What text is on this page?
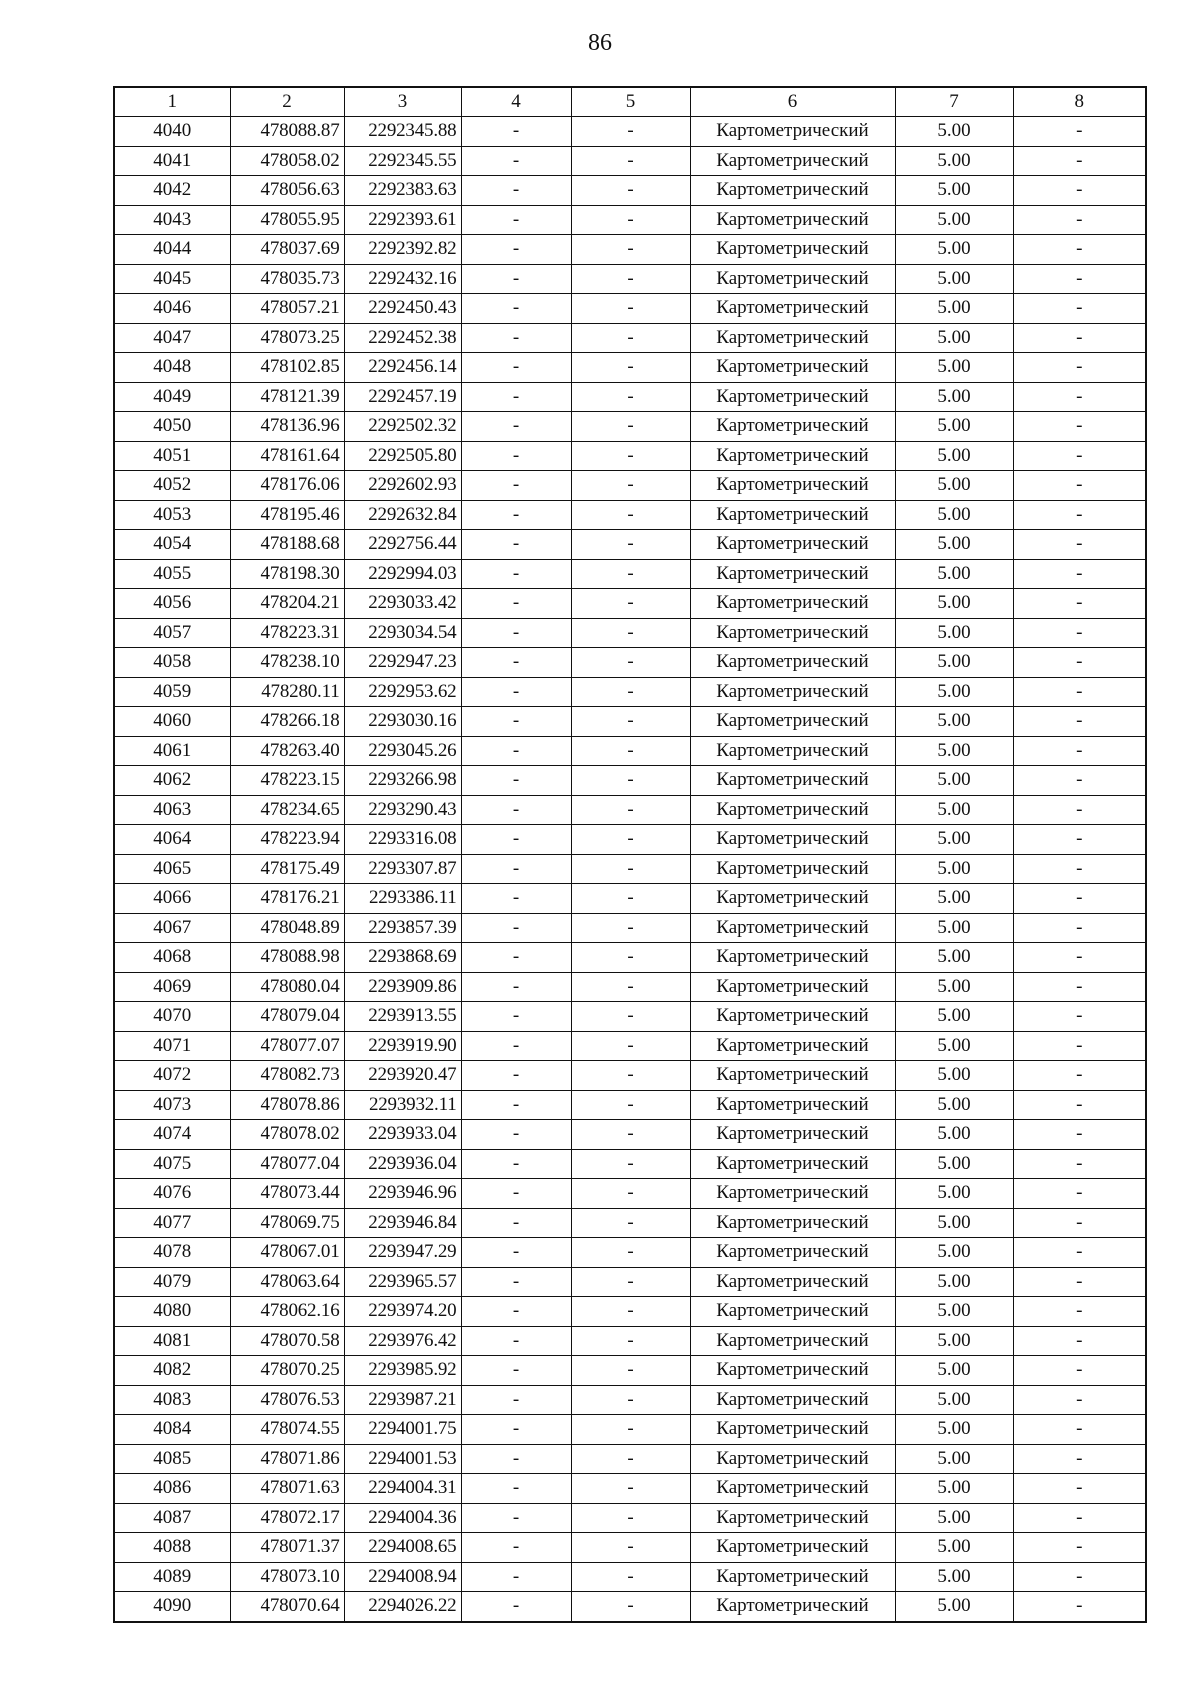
86
1	2	3	4	5	6	7	8
4040	478088.87	2292345.88	-	-	Картометрический	5.00	-
4041	478058.02	2292345.55	-	-	Картометрический	5.00	-
4042	478056.63	2292383.63	-	-	Картометрический	5.00	-
4043	478055.95	2292393.61	-	-	Картометрический	5.00	-
4044	478037.69	2292392.82	-	-	Картометрический	5.00	-
4045	478035.73	2292432.16	-	-	Картометрический	5.00	-
4046	478057.21	2292450.43	-	-	Картометрический	5.00	-
4047	478073.25	2292452.38	-	-	Картометрический	5.00	-
4048	478102.85	2292456.14	-	-	Картометрический	5.00	-
4049	478121.39	2292457.19	-	-	Картометрический	5.00	-
4050	478136.96	2292502.32	-	-	Картометрический	5.00	-
4051	478161.64	2292505.80	-	-	Картометрический	5.00	-
4052	478176.06	2292602.93	-	-	Картометрический	5.00	-
4053	478195.46	2292632.84	-	-	Картометрический	5.00	-
4054	478188.68	2292756.44	-	-	Картометрический	5.00	-
4055	478198.30	2292994.03	-	-	Картометрический	5.00	-
4056	478204.21	2293033.42	-	-	Картометрический	5.00	-
4057	478223.31	2293034.54	-	-	Картометрический	5.00	-
4058	478238.10	2292947.23	-	-	Картометрический	5.00	-
4059	478280.11	2292953.62	-	-	Картометрический	5.00	-
4060	478266.18	2293030.16	-	-	Картометрический	5.00	-
4061	478263.40	2293045.26	-	-	Картометрический	5.00	-
4062	478223.15	2293266.98	-	-	Картометрический	5.00	-
4063	478234.65	2293290.43	-	-	Картометрический	5.00	-
4064	478223.94	2293316.08	-	-	Картометрический	5.00	-
4065	478175.49	2293307.87	-	-	Картометрический	5.00	-
4066	478176.21	2293386.11	-	-	Картометрический	5.00	-
4067	478048.89	2293857.39	-	-	Картометрический	5.00	-
4068	478088.98	2293868.69	-	-	Картометрический	5.00	-
4069	478080.04	2293909.86	-	-	Картометрический	5.00	-
4070	478079.04	2293913.55	-	-	Картометрический	5.00	-
4071	478077.07	2293919.90	-	-	Картометрический	5.00	-
4072	478082.73	2293920.47	-	-	Картометрический	5.00	-
4073	478078.86	2293932.11	-	-	Картометрический	5.00	-
4074	478078.02	2293933.04	-	-	Картометрический	5.00	-
4075	478077.04	2293936.04	-	-	Картометрический	5.00	-
4076	478073.44	2293946.96	-	-	Картометрический	5.00	-
4077	478069.75	2293946.84	-	-	Картометрический	5.00	-
4078	478067.01	2293947.29	-	-	Картометрический	5.00	-
4079	478063.64	2293965.57	-	-	Картометрический	5.00	-
4080	478062.16	2293974.20	-	-	Картометрический	5.00	-
4081	478070.58	2293976.42	-	-	Картометрический	5.00	-
4082	478070.25	2293985.92	-	-	Картометрический	5.00	-
4083	478076.53	2293987.21	-	-	Картометрический	5.00	-
4084	478074.55	2294001.75	-	-	Картометрический	5.00	-
4085	478071.86	2294001.53	-	-	Картометрический	5.00	-
4086	478071.63	2294004.31	-	-	Картометрический	5.00	-
4087	478072.17	2294004.36	-	-	Картометрический	5.00	-
4088	478071.37	2294008.65	-	-	Картометрический	5.00	-
4089	478073.10	2294008.94	-	-	Картометрический	5.00	-
4090	478070.64	2294026.22	-	-	Картометрический	5.00	-
